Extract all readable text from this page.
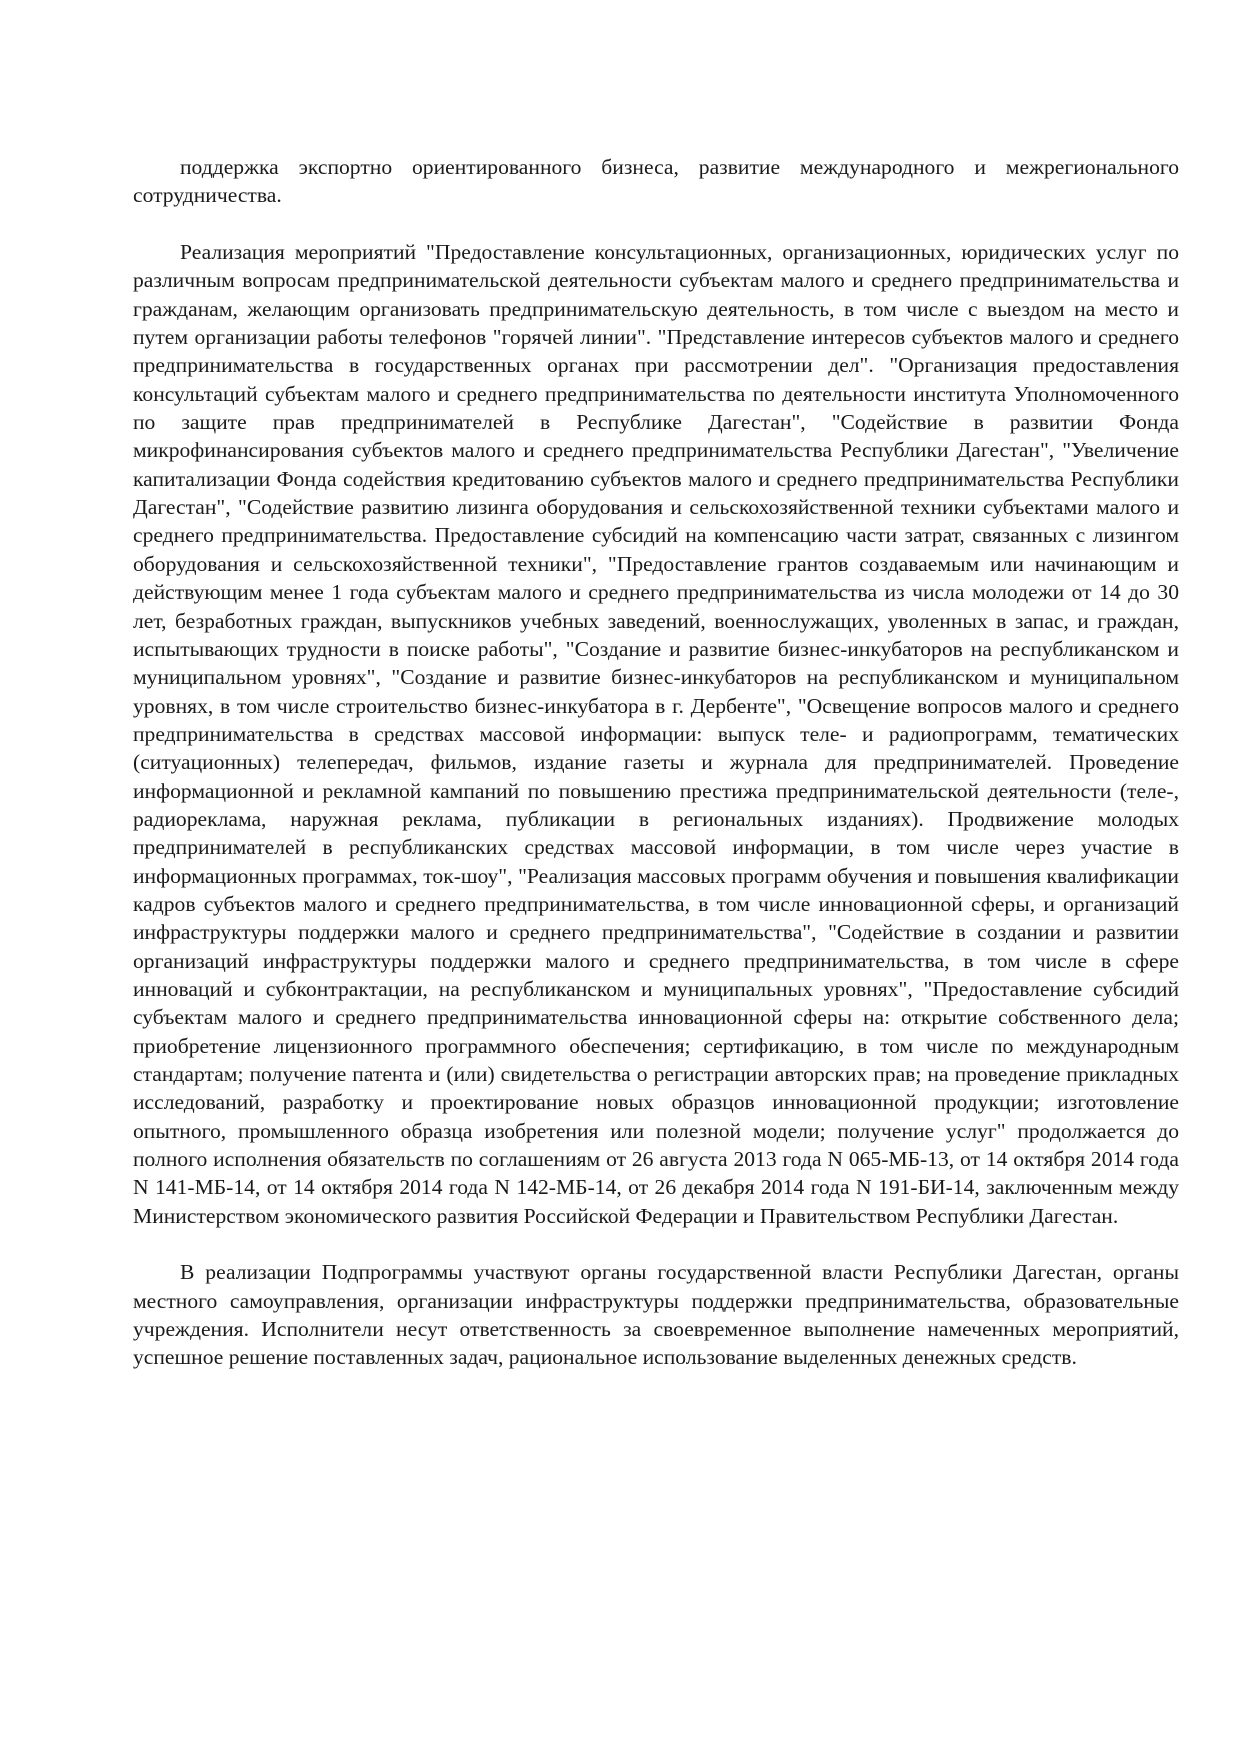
поддержка экспортно ориентированного бизнеса, развитие международного и межрегионального сотрудничества.

Реализация мероприятий "Предоставление консультационных, организационных, юридических услуг по различным вопросам предпринимательской деятельности субъектам малого и среднего предпринимательства и гражданам, желающим организовать предпринимательскую деятельность, в том числе с выездом на место и путем организации работы телефонов "горячей линии". "Представление интересов субъектов малого и среднего предпринимательства в государственных органах при рассмотрении дел". "Организация предоставления консультаций субъектам малого и среднего предпринимательства по деятельности института Уполномоченного по защите прав предпринимателей в Республике Дагестан", "Содействие в развитии Фонда микрофинансирования субъектов малого и среднего предпринимательства Республики Дагестан", "Увеличение капитализации Фонда содействия кредитованию субъектов малого и среднего предпринимательства Республики Дагестан", "Содействие развитию лизинга оборудования и сельскохозяйственной техники субъектами малого и среднего предпринимательства. Предоставление субсидий на компенсацию части затрат, связанных с лизингом оборудования и сельскохозяйственной техники", "Предоставление грантов создаваемым или начинающим и действующим менее 1 года субъектам малого и среднего предпринимательства из числа молодежи от 14 до 30 лет, безработных граждан, выпускников учебных заведений, военнослужащих, уволенных в запас, и граждан, испытывающих трудности в поиске работы", "Создание и развитие бизнес-инкубаторов на республиканском и муниципальном уровнях", "Создание и развитие бизнес-инкубаторов на республиканском и муниципальном уровнях, в том числе строительство бизнес-инкубатора в г. Дербенте", "Освещение вопросов малого и среднего предпринимательства в средствах массовой информации: выпуск теле- и радиопрограмм, тематических (ситуационных) телепередач, фильмов, издание газеты и журнала для предпринимателей. Проведение информационной и рекламной кампаний по повышению престижа предпринимательской деятельности (теле-, радиореклама, наружная реклама, публикации в региональных изданиях). Продвижение молодых предпринимателей в республиканских средствах массовой информации, в том числе через участие в информационных программах, ток-шоу", "Реализация массовых программ обучения и повышения квалификации кадров субъектов малого и среднего предпринимательства, в том числе инновационной сферы, и организаций инфраструктуры поддержки малого и среднего предпринимательства", "Содействие в создании и развитии организаций инфраструктуры поддержки малого и среднего предпринимательства, в том числе в сфере инноваций и субконтрактации, на республиканском и муниципальных уровнях", "Предоставление субсидий субъектам малого и среднего предпринимательства инновационной сферы на: открытие собственного дела; приобретение лицензионного программного обеспечения; сертификацию, в том числе по международным стандартам; получение патента и (или) свидетельства о регистрации авторских прав; на проведение прикладных исследований, разработку и проектирование новых образцов инновационной продукции; изготовление опытного, промышленного образца изобретения или полезной модели; получение услуг" продолжается до полного исполнения обязательств по соглашениям от 26 августа 2013 года N 065-МБ-13, от 14 октября 2014 года N 141-МБ-14, от 14 октября 2014 года N 142-МБ-14, от 26 декабря 2014 года N 191-БИ-14, заключенным между Министерством экономического развития Российской Федерации и Правительством Республики Дагестан.

В реализации Подпрограммы участвуют органы государственной власти Республики Дагестан, органы местного самоуправления, организации инфраструктуры поддержки предпринимательства, образовательные учреждения. Исполнители несут ответственность за своевременное выполнение намеченных мероприятий, успешное решение поставленных задач, рациональное использование выделенных денежных средств.
